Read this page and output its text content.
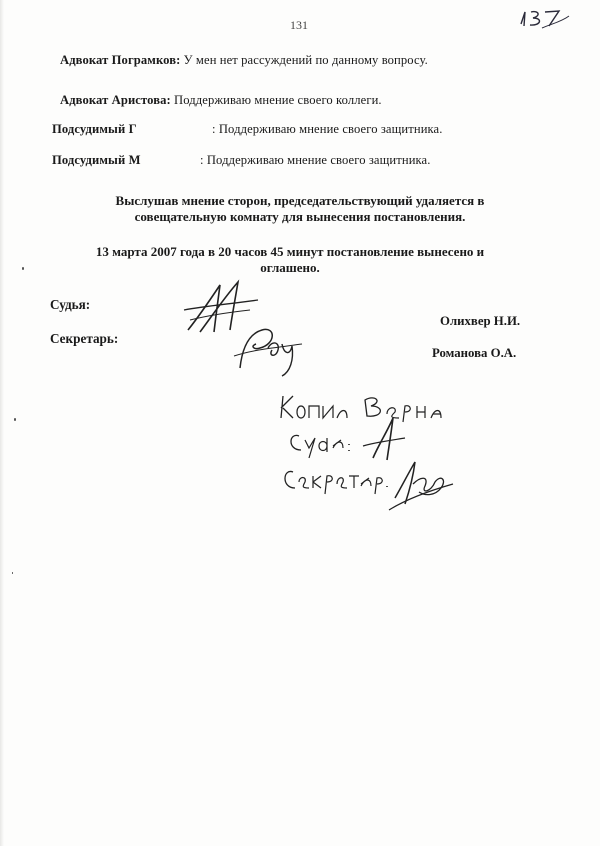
131
Адвокат Пограмков: У мен нет рассуждений по данному вопросу.
Адвокат Аристова: Поддерживаю мнение своего коллеги.
Подсудимый Г	: Поддерживаю мнение своего защитника.
Подсудимый М	: Поддерживаю мнение своего защитника.
Выслушав мнение сторон, председательствующий удаляется в
совещательную комнату для вынесения постановления.
13 марта 2007 года в 20 часов 45 минут постановление вынесено и
оглашено.
Судья:
Секретарь:
Олихвер Н.И.
Романова О.А.
